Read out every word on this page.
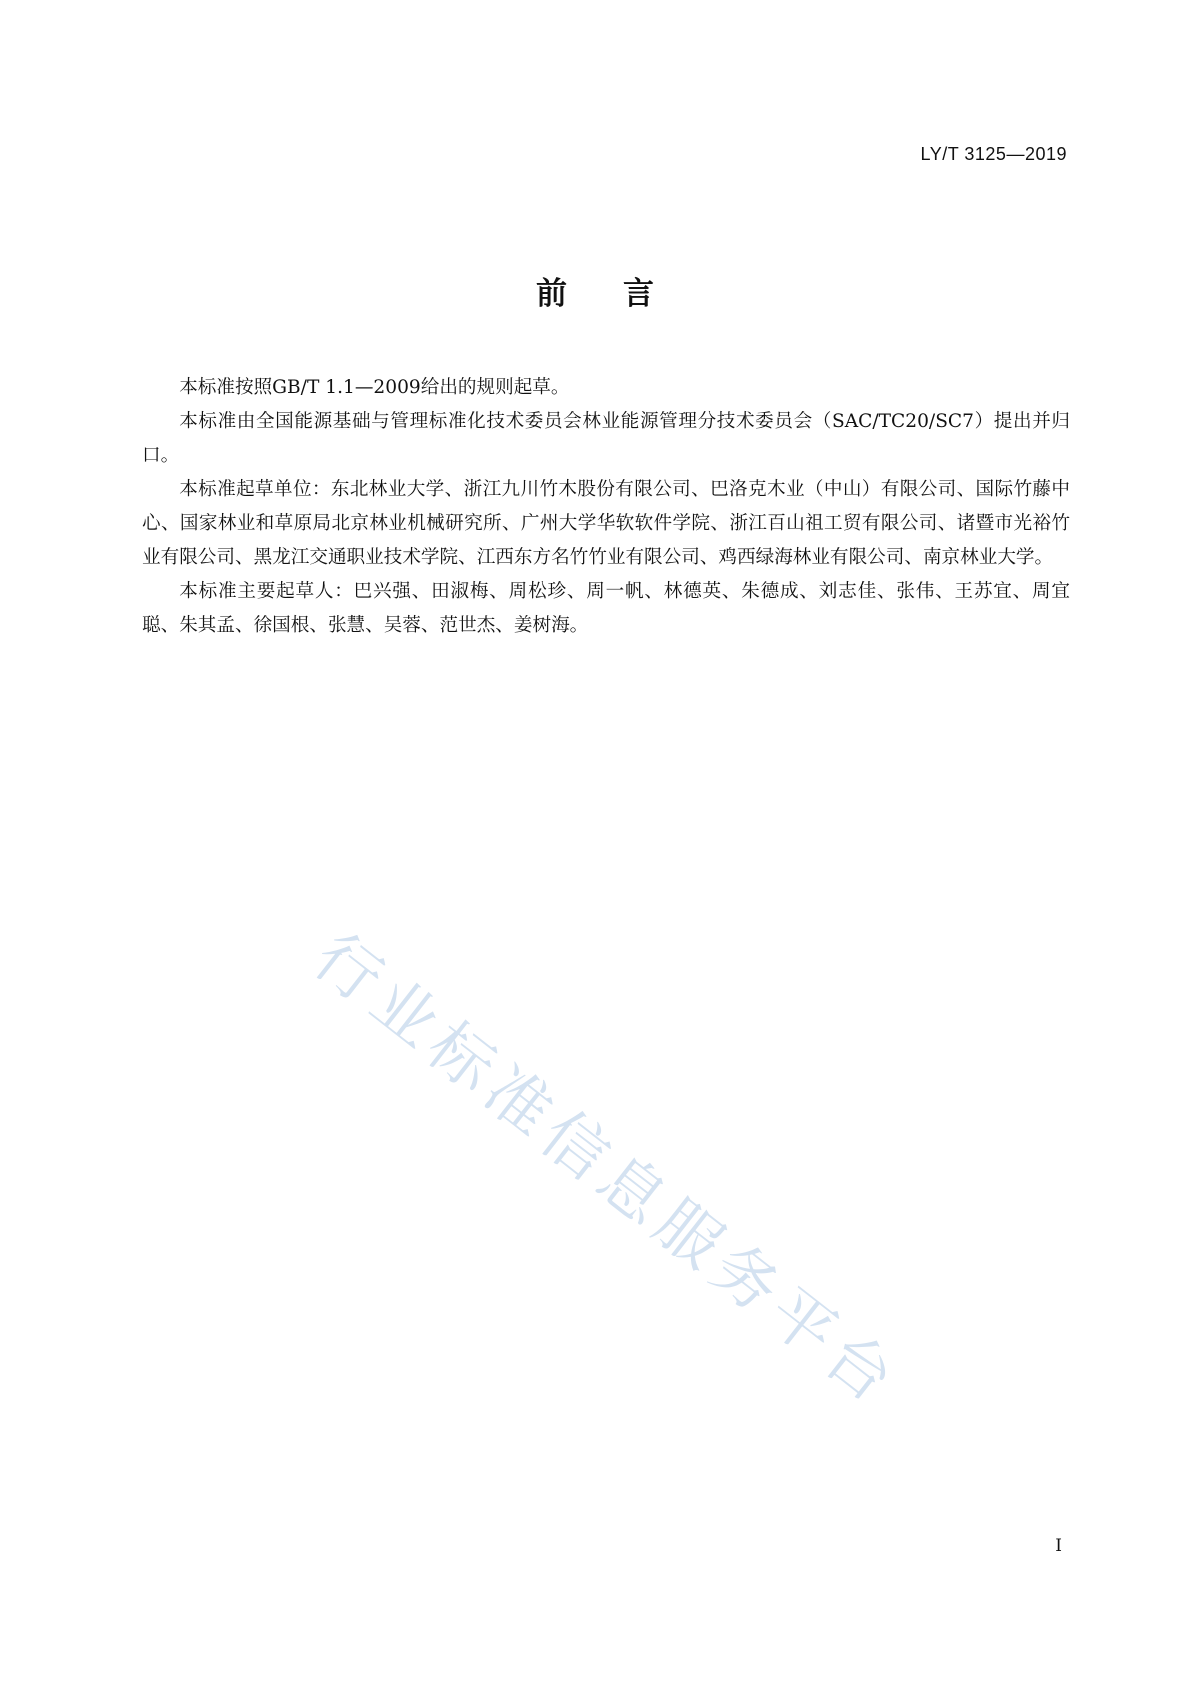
LY/T 3125—2019
前言

本标准按照GB/T 1.1—2009给出的规则起草。

本标准由全国能源基础与管理标准化技术委员会林业能源管理分技术委员会（SAC/TC20/SC7）提出并归口。

本标准起草单位：东北林业大学、浙江九川竹木股份有限公司、巴洛克木业（中山）有限公司、国际竹藤中心、国家林业和草原局北京林业机械研究所、广州大学华软软件学院、浙江百山祖工贸有限公司、诸暨市光裕竹业有限公司、黑龙江交通职业技术学院、江西东方名竹竹业有限公司、鸡西绿海林业有限公司、南京林业大学。

本标准主要起草人：巴兴强、田淑梅、周松珍、周一帆、林德英、朱德成、刘志佳、张伟、王苏宜、周宜聪、朱其孟、徐国根、张慧、吴蓉、范世杰、姜树海。

行业标准信息服务平台
I
